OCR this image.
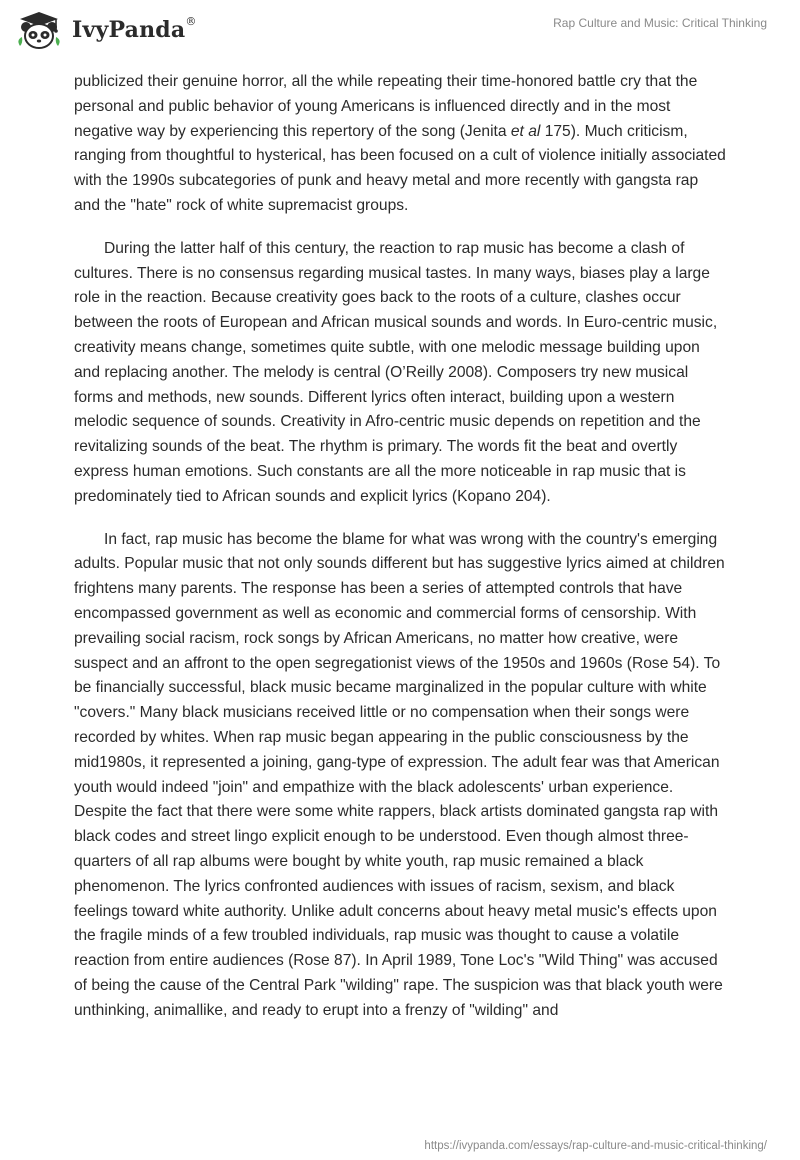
IvyPanda®	Rap Culture and Music: Critical Thinking

publicized their genuine horror, all the while repeating their time-honored battle cry that the personal and public behavior of young Americans is influenced directly and in the most negative way by experiencing this repertory of the song (Jenita et al 175). Much criticism, ranging from thoughtful to hysterical, has been focused on a cult of violence initially associated with the 1990s subcategories of punk and heavy metal and more recently with gangsta rap and the "hate" rock of white supremacist groups.

During the latter half of this century, the reaction to rap music has become a clash of cultures. There is no consensus regarding musical tastes. In many ways, biases play a large role in the reaction. Because creativity goes back to the roots of a culture, clashes occur between the roots of European and African musical sounds and words. In Euro-centric music, creativity means change, sometimes quite subtle, with one melodic message building upon and replacing another. The melody is central (O’Reilly 2008). Composers try new musical forms and methods, new sounds. Different lyrics often interact, building upon a western melodic sequence of sounds. Creativity in Afro-centric music depends on repetition and the revitalizing sounds of the beat. The rhythm is primary. The words fit the beat and overtly express human emotions. Such constants are all the more noticeable in rap music that is predominately tied to African sounds and explicit lyrics (Kopano 204).

In fact, rap music has become the blame for what was wrong with the country's emerging adults. Popular music that not only sounds different but has suggestive lyrics aimed at children frightens many parents. The response has been a series of attempted controls that have encompassed government as well as economic and commercial forms of censorship. With prevailing social racism, rock songs by African Americans, no matter how creative, were suspect and an affront to the open segregationist views of the 1950s and 1960s (Rose 54). To be financially successful, black music became marginalized in the popular culture with white "covers." Many black musicians received little or no compensation when their songs were recorded by whites. When rap music began appearing in the public consciousness by the mid1980s, it represented a joining, gang-type of expression. The adult fear was that American youth would indeed "join" and empathize with the black adolescents' urban experience. Despite the fact that there were some white rappers, black artists dominated gangsta rap with black codes and street lingo explicit enough to be understood. Even though almost three-quarters of all rap albums were bought by white youth, rap music remained a black phenomenon. The lyrics confronted audiences with issues of racism, sexism, and black feelings toward white authority. Unlike adult concerns about heavy metal music's effects upon the fragile minds of a few troubled individuals, rap music was thought to cause a volatile reaction from entire audiences (Rose 87). In April 1989, Tone Loc's "Wild Thing" was accused of being the cause of the Central Park "wilding" rape. The suspicion was that black youth were unthinking, animallike, and ready to erupt into a frenzy of "wilding" and

https://ivypanda.com/essays/rap-culture-and-music-critical-thinking/
